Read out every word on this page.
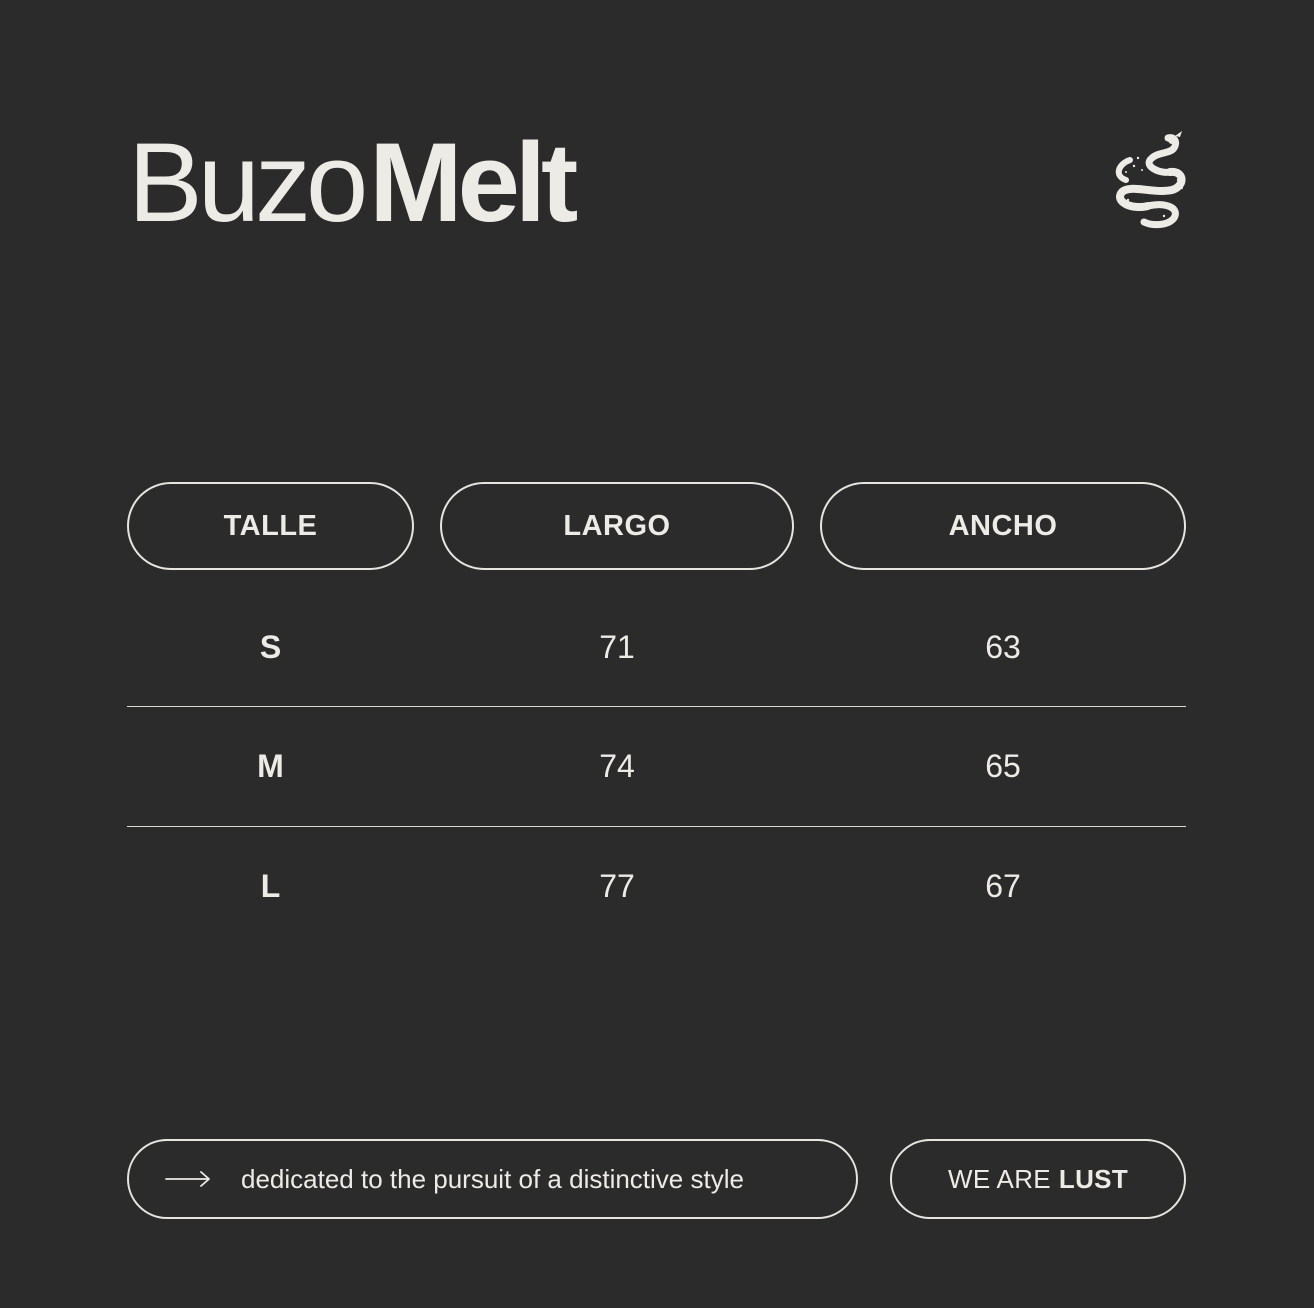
BuzoMelt
TALLE	LARGO	ANCHO
S	71	63
M	74	65
L	77	67
dedicated to the pursuit of a distinctive style	WE ARE LUST
